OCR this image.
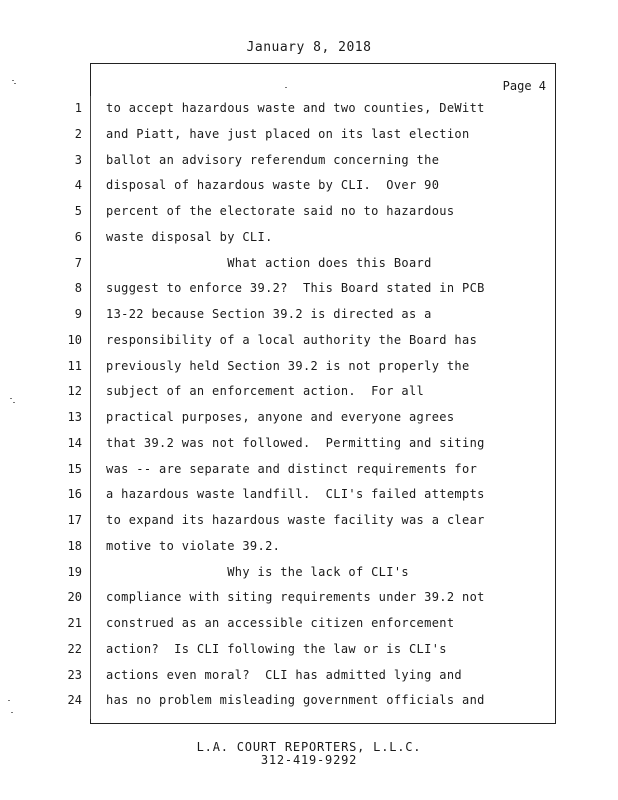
January 8, 2018
Page 4
1 to accept hazardous waste and two counties, DeWitt
2 and Piatt, have just placed on its last election
3 ballot an advisory referendum concerning the
4 disposal of hazardous waste by CLI.  Over 90
5 percent of the electorate said no to hazardous
6 waste disposal by CLI.
7 What action does this Board
8 suggest to enforce 39.2?  This Board stated in PCB
9 13-22 because Section 39.2 is directed as a
10 responsibility of a local authority the Board has
11 previously held Section 39.2 is not properly the
12 subject of an enforcement action.  For all
13 practical purposes, anyone and everyone agrees
14 that 39.2 was not followed.  Permitting and siting
15 was -- are separate and distinct requirements for
16 a hazardous waste landfill.  CLI's failed attempts
17 to expand its hazardous waste facility was a clear
18 motive to violate 39.2.
19 Why is the lack of CLI's
20 compliance with siting requirements under 39.2 not
21 construed as an accessible citizen enforcement
22 action?  Is CLI following the law or is CLI's
23 actions even moral?  CLI has admitted lying and
24 has no problem misleading government officials and
L.A. COURT REPORTERS, L.L.C.
312-419-9292
